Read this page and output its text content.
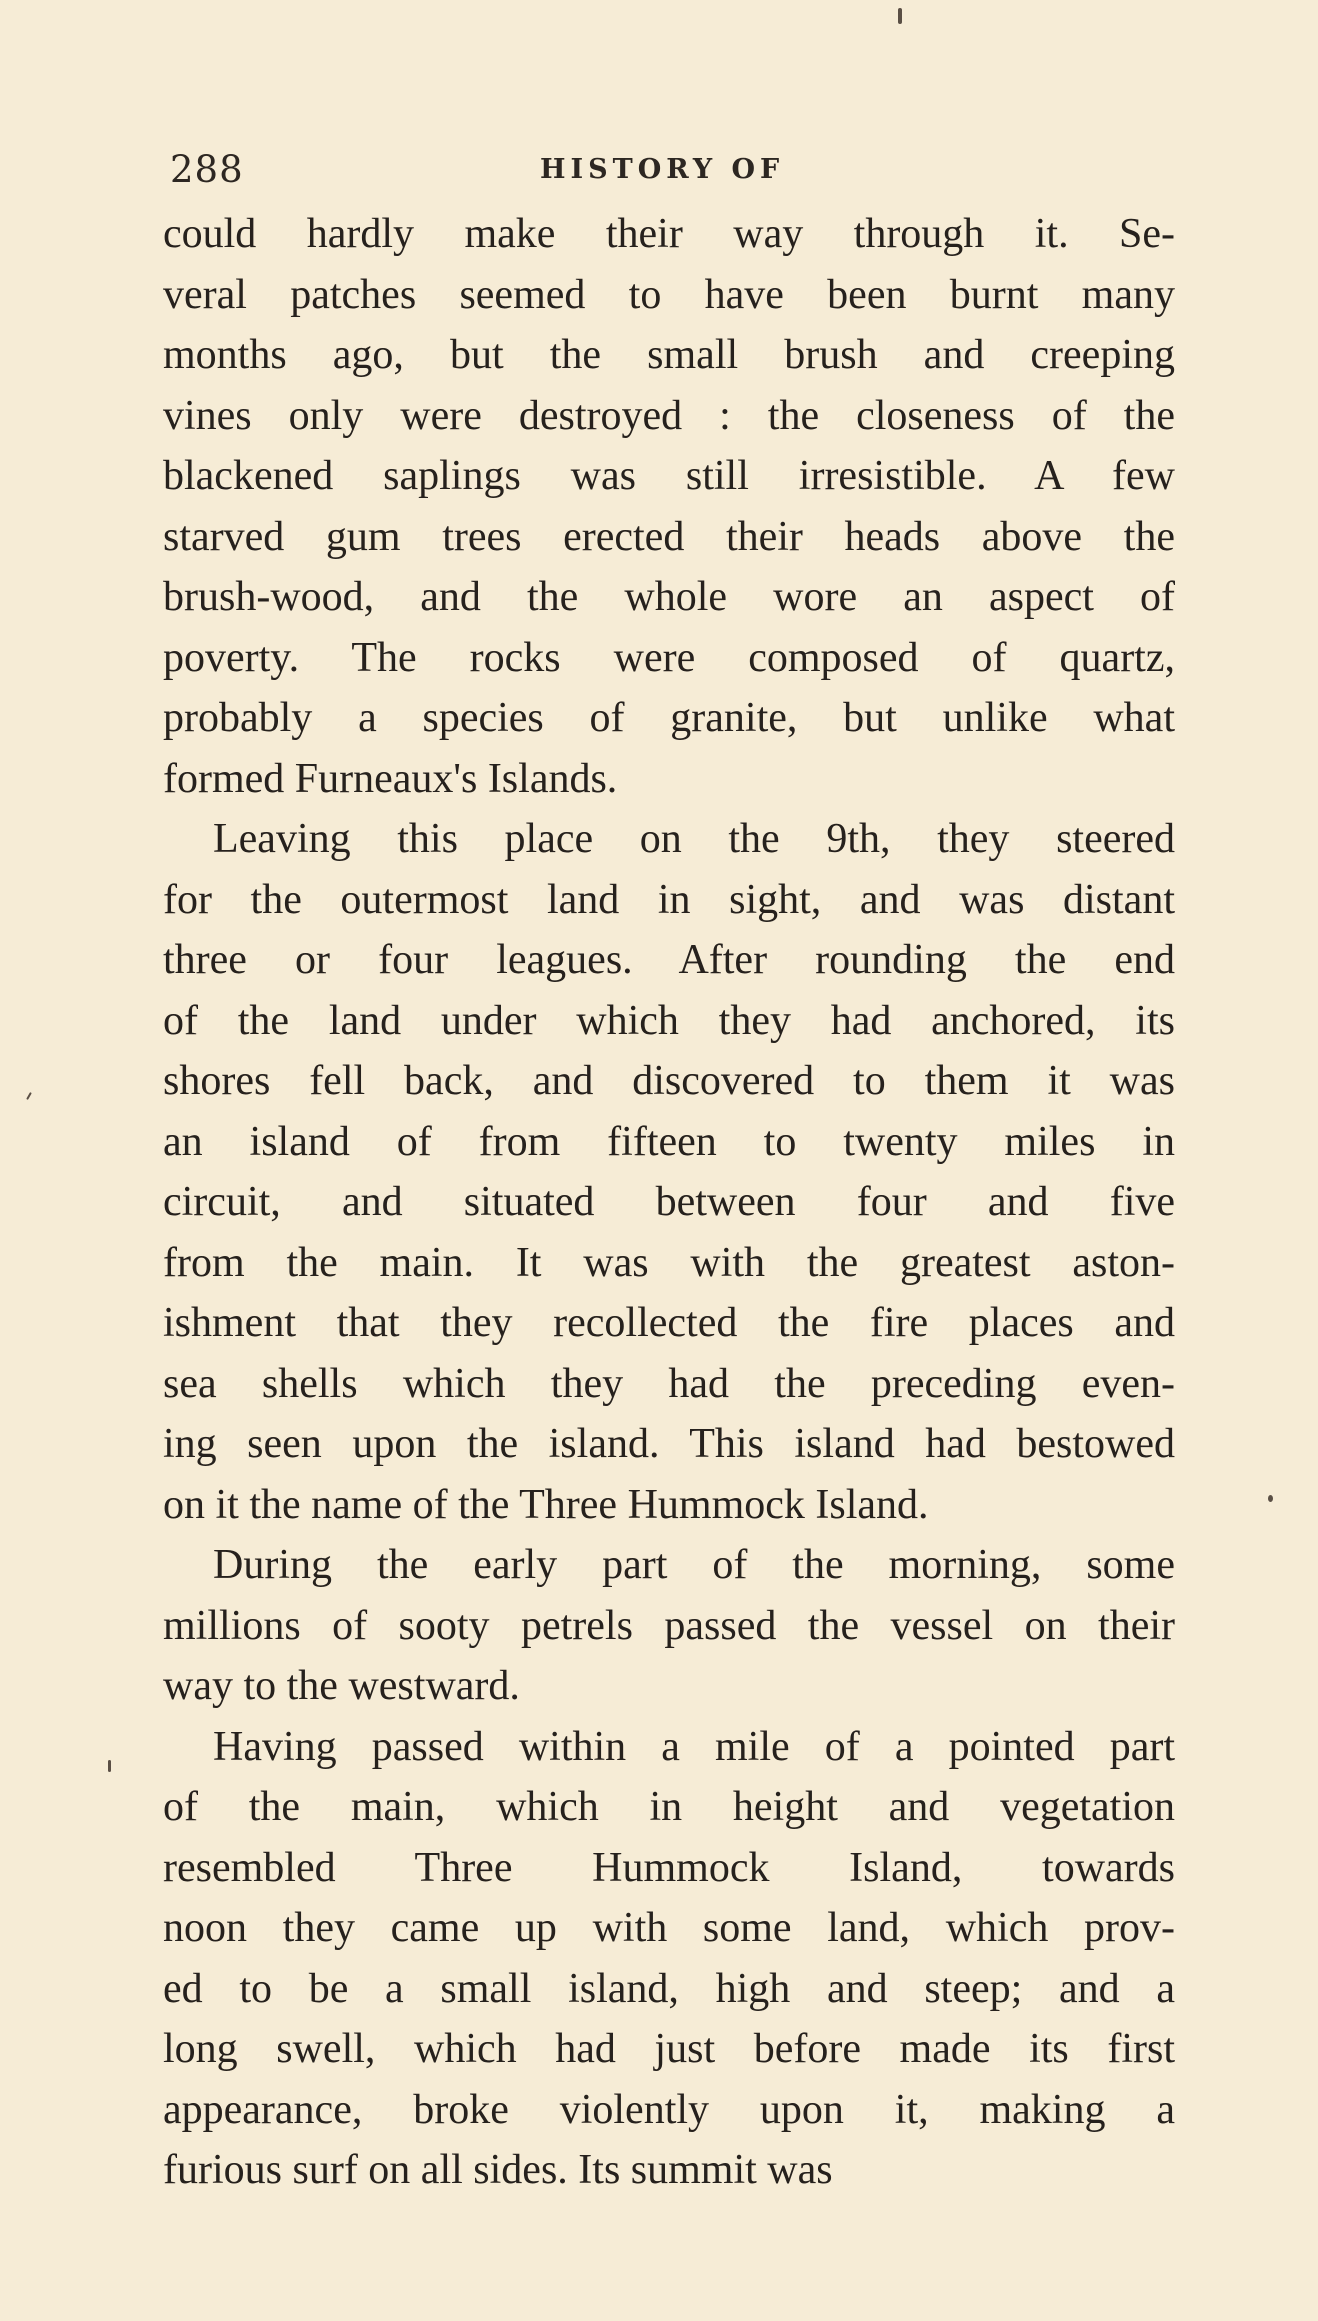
288	HISTORY OF
could hardly make their way through it. Se-
veral patches seemed to have been burnt many
months ago, but the small brush and creeping
vines only were destroyed : the closeness of the
blackened saplings was still irresistible. A few
starved gum trees erected their heads above the
brush-wood, and the whole wore an aspect of
poverty. The rocks were composed of quartz,
probably a species of granite, but unlike what
formed Furneaux's Islands.
Leaving this place on the 9th, they steered
for the outermost land in sight, and was distant
three or four leagues. After rounding the end
of the land under which they had anchored, its
shores fell back, and discovered to them it was
an island of from fifteen to twenty miles in
circuit, and situated between four and five
from the main. It was with the greatest aston-
ishment that they recollected the fire places and
sea shells which they had the preceding even-
ing seen upon the island. This island had bestowed
on it the name of the Three Hummock Island.
During the early part of the morning, some
millions of sooty petrels passed the vessel on their
way to the westward.
Having passed within a mile of a pointed part
of the main, which in height and vegetation
resembled Three Hummock Island, towards
noon they came up with some land, which prov-
ed to be a small island, high and steep; and a
long swell, which had just before made its first
appearance, broke violently upon it, making a
furious surf on all sides. Its summit was
